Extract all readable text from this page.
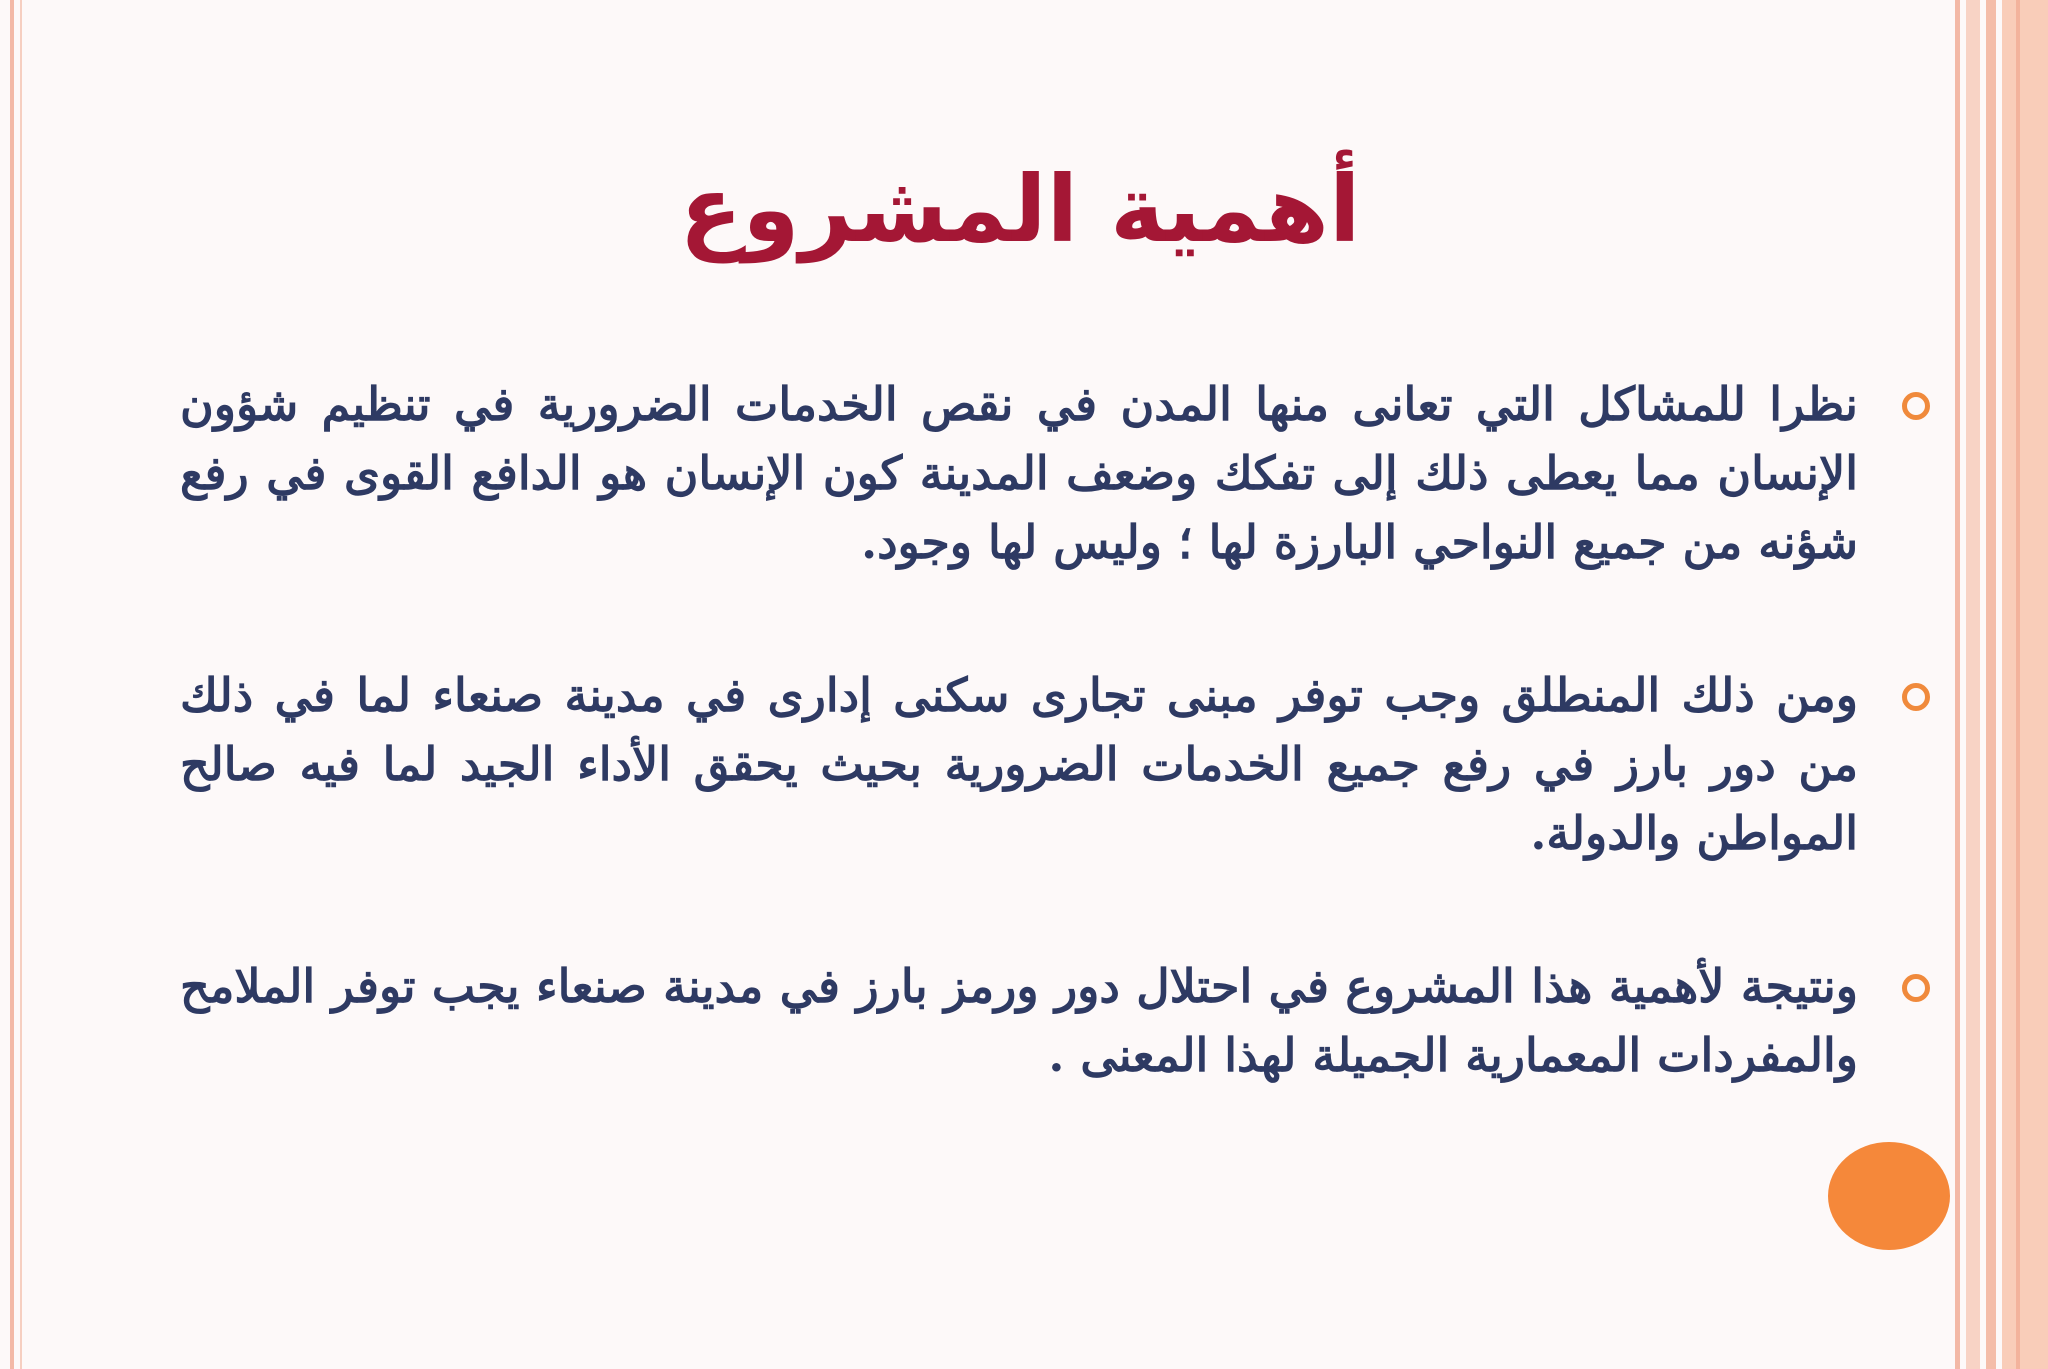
أهمية المشروع
نظرا للمشاكل التي تعانى منها المدن في نقص الخدمات الضرورية في تنظيم شؤون الإنسان مما يعطى ذلك إلى تفكك وضعف المدينة كون الإنسان هو الدافع القوى في رفع شؤنه من جميع النواحي البارزة لها ؛ وليس لها وجود.
ومن ذلك المنطلق وجب توفر مبنى تجارى سكنى إدارى في مدينة صنعاء لما في ذلك من دور بارز في رفع جميع الخدمات الضرورية بحيث يحقق الأداء الجيد لما فيه صالح المواطن والدولة.
ونتيجة لأهمية هذا المشروع في احتلال دور ورمز بارز في مدينة صنعاء يجب توفر الملامح والمفردات المعمارية الجميلة لهذا المعنى .
